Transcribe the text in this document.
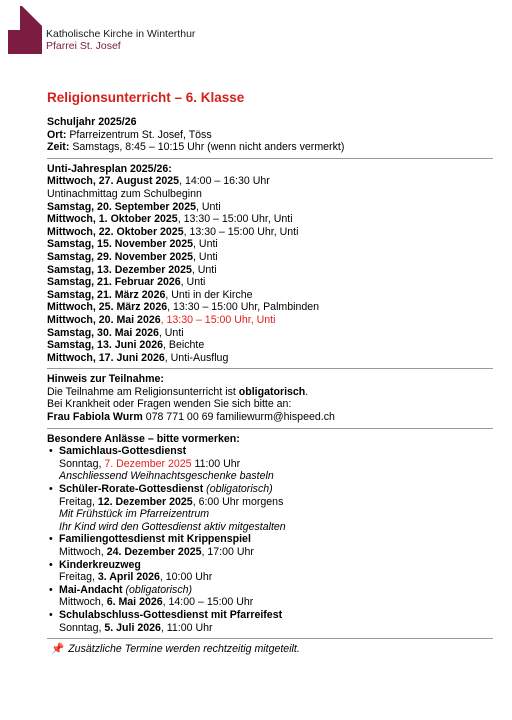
Katholische Kirche in Winterthur
Pfarrei St. Josef
Religionsunterricht – 6. Klasse
Schuljahr 2025/26
Ort: Pfarreizentrum St. Josef, Töss
Zeit: Samstags, 8:45 – 10:15 Uhr (wenn nicht anders vermerkt)
Unti-Jahresplan 2025/26:
Mittwoch, 27. August 2025, 14:00 – 16:30 Uhr
Untinachmittag zum Schulbeginn
Samstag, 20. September 2025, Unti
Mittwoch, 1. Oktober 2025, 13:30 – 15:00 Uhr, Unti
Mittwoch, 22. Oktober 2025, 13:30 – 15:00 Uhr, Unti
Samstag, 15. November 2025, Unti
Samstag, 29. November 2025, Unti
Samstag, 13. Dezember 2025, Unti
Samstag, 21. Februar 2026, Unti
Samstag, 21. März 2026, Unti in der Kirche
Mittwoch, 25. März 2026, 13:30 – 15:00 Uhr, Palmbinden
Mittwoch, 20. Mai 2026, 13:30 – 15:00 Uhr, Unti
Samstag, 30. Mai 2026, Unti
Samstag, 13. Juni 2026, Beichte
Mittwoch, 17. Juni 2026, Unti-Ausflug
Hinweis zur Teilnahme:
Die Teilnahme am Religionsunterricht ist obligatorisch.
Bei Krankheit oder Fragen wenden Sie sich bitte an:
Frau Fabiola Wurm 078 771 00 69 familiewurm@hispeed.ch
Besondere Anlässe – bitte vormerken:
• Samichlaus-Gottesdienst
Sonntag, 7. Dezember 2025 11:00 Uhr
Anschliessend Weihnachtsgeschenke basteln
• Schüler-Rorate-Gottesdienst (obligatorisch)
Freitag, 12. Dezember 2025, 6:00 Uhr morgens
Mit Frühstück im Pfarreizentrum
Ihr Kind wird den Gottesdienst aktiv mitgestalten
• Familiengottesdienst mit Krippenspiel
Mittwoch, 24. Dezember 2025, 17:00 Uhr
• Kinderkreuzweg
Freitag, 3. April 2026, 10:00 Uhr
• Mai-Andacht (obligatorisch)
Mittwoch, 6. Mai 2026, 14:00 – 15:00 Uhr
• Schulabschluss-Gottesdienst mit Pfarreifest
Sonntag, 5. Juli 2026, 11:00 Uhr
📌 Zusätzliche Termine werden rechtzeitig mitgeteilt.
